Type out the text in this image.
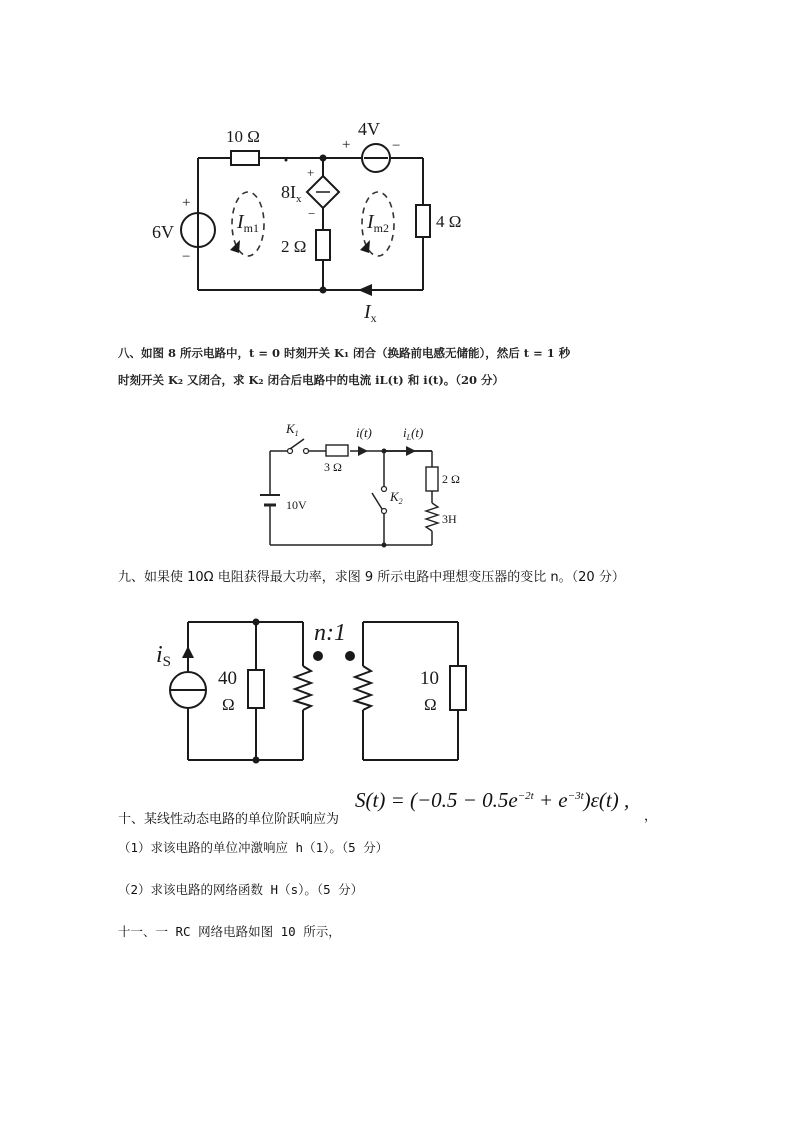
10 Ω	4V
+	−
6V
+
−
$8I_x$
+
−
2 Ω
4 Ω
$I_{m1}$	$I_{m2}$
$I_x$
八、如图 8 所示电路中，t = 0 时刻开关 K₁ 闭合（换路前电感无储能），然后 t = 1 秒
时刻开关 K₂ 又闭合，求 K₂ 闭合后电路中的电流 iL(t) 和 i(t)。（20 分）
$K_1$
3 Ω
i(t) $i_L(t)$
2 Ω
3H
10V
$K_2$
九、如果使 10Ω 电阻获得最大功率，求图 9 所示电路中理想变压器的变比 n。（20 分）
iS
40
Ω
n:1
10
Ω
十、某线性动态电路的单位阶跃响应为
$S(t) = (-0.5 - 0.5e^{-2t} + e^{-3t})\varepsilon(t)$ ,
，
（1）求该电路的单位冲激响应 h（1）。（5 分）
（2）求该电路的网络函数 H（s）。（5 分）
十一、一 RC 网络电路如图 10 所示，
